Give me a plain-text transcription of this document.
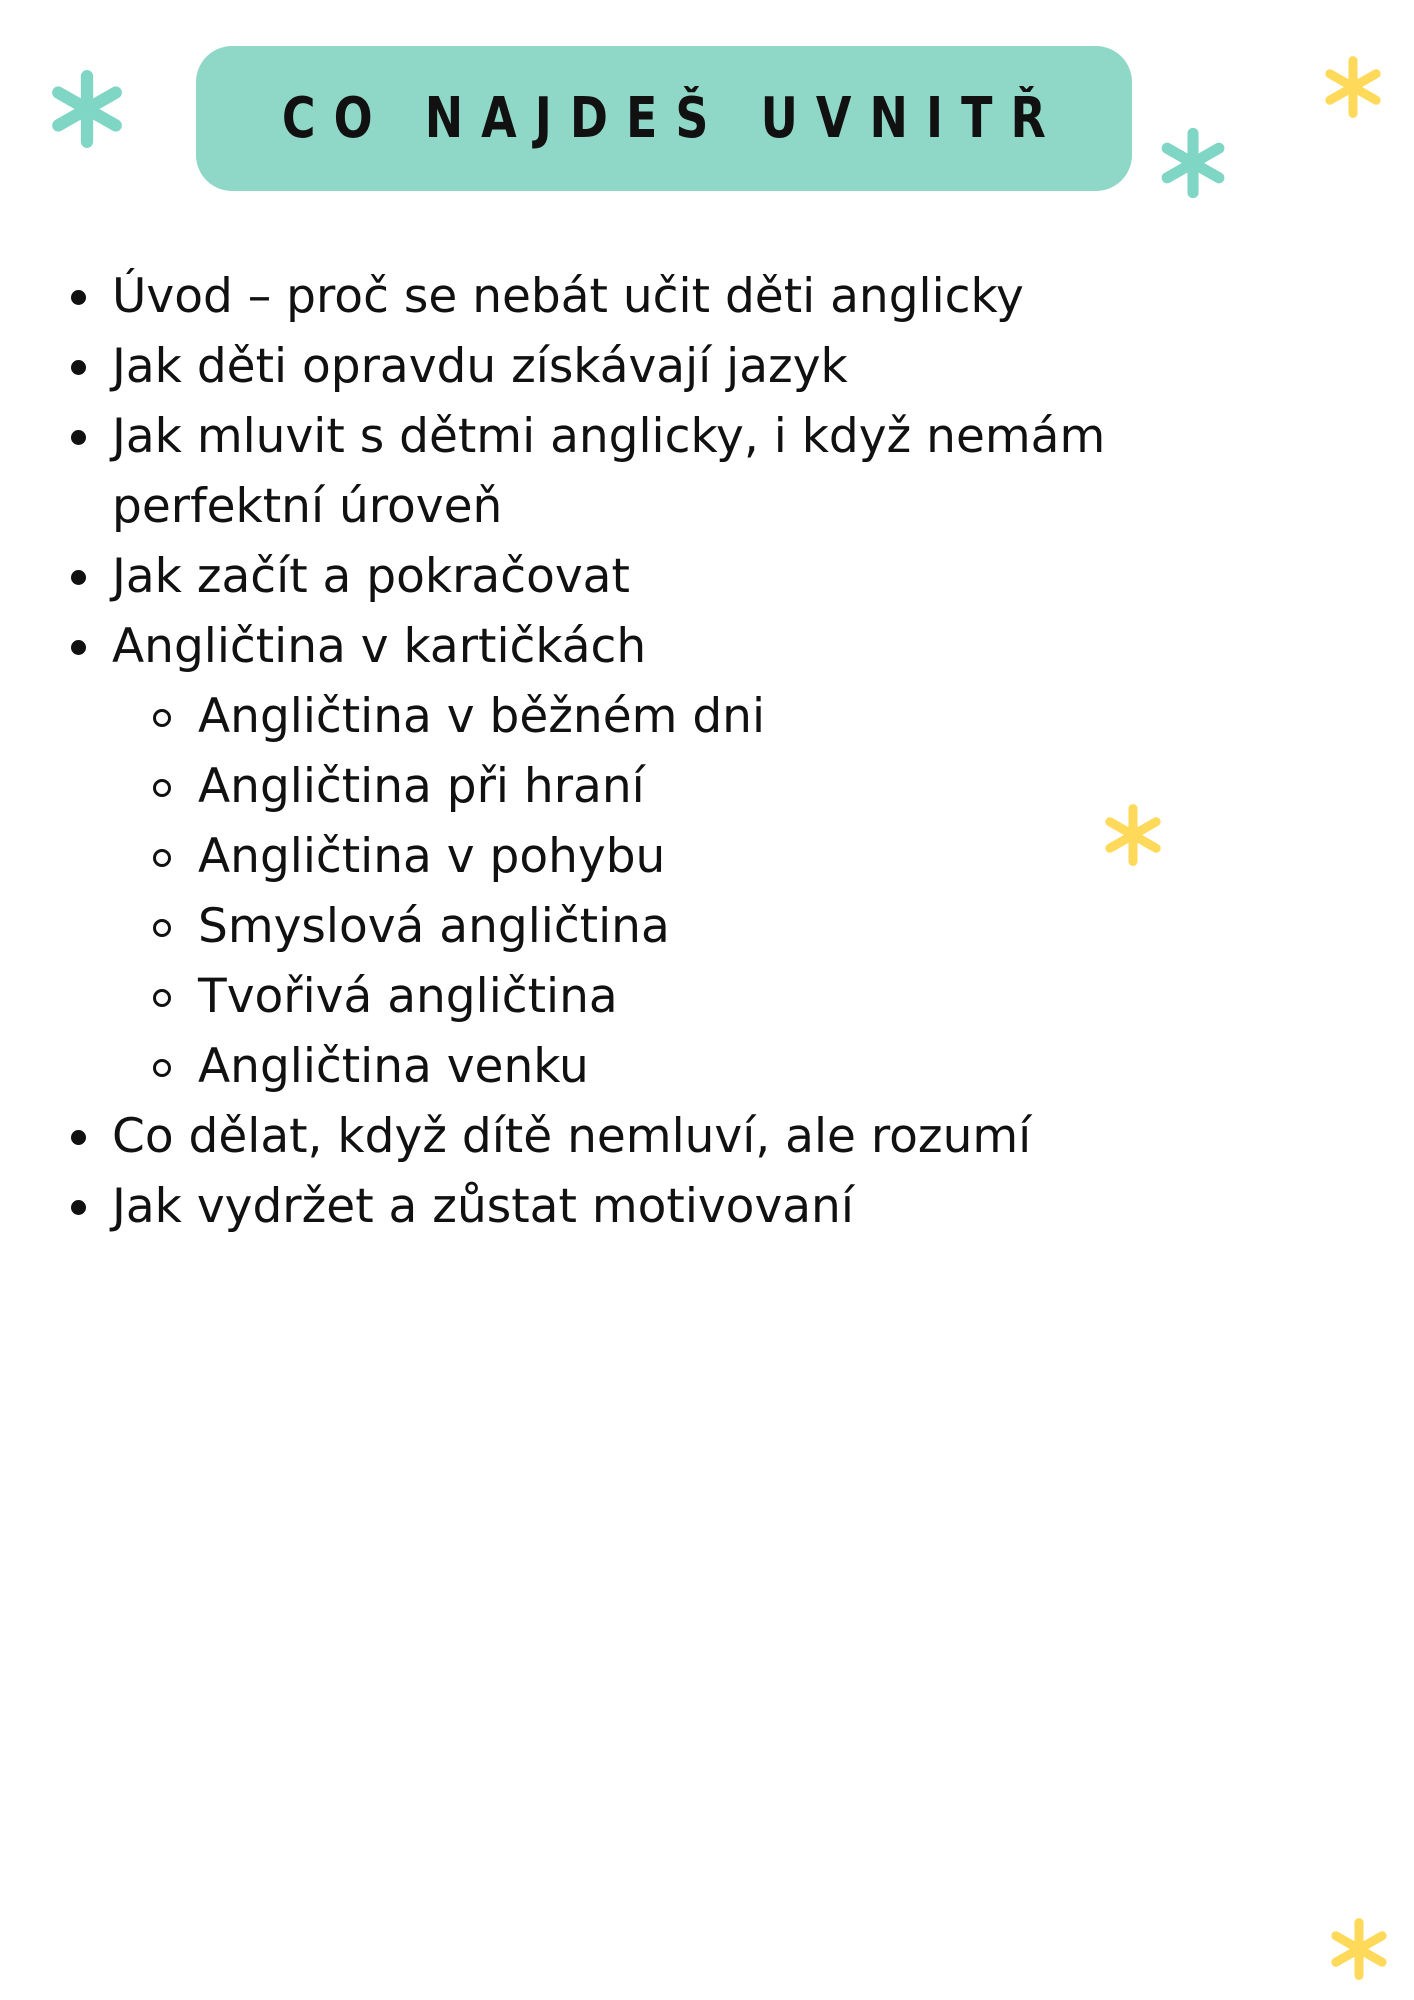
CO NAJDEŠ UVNITŘ
Úvod – proč se nebát učit děti anglicky
Jak děti opravdu získávají jazyk
Jak mluvit s dětmi anglicky, i když nemám perfektní úroveň
Jak začít a pokračovat
Angličtina v kartičkách
Angličtina v běžném dni
Angličtina při hraní
Angličtina v pohybu
Smyslová angličtina
Tvořivá angličtina
Angličtina venku
Co dělat, když dítě nemluví, ale rozumí
Jak vydržet a zůstat motivovaní
